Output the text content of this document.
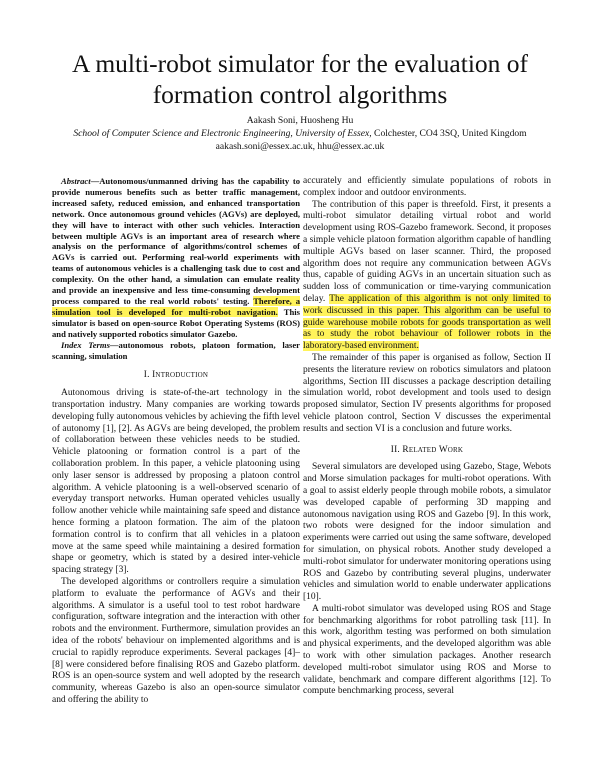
A multi-robot simulator for the evaluation of formation control algorithms
Aakash Soni, Huosheng Hu
School of Computer Science and Electronic Engineering, University of Essex, Colchester, CO4 3SQ, United Kingdom
aakash.soni@essex.ac.uk, hhu@essex.ac.uk

Abstract—Autonomous/unmanned driving has the capability to provide numerous benefits such as better traffic management, increased safety, reduced emission, and enhanced transportation network. Once autonomous ground vehicles (AGVs) are deployed, they will have to interact with other such vehicles. Interaction between multiple AGVs is an important area of research where analysis on the performance of algorithms/control schemes of AGVs is carried out. Performing real-world experiments with teams of autonomous vehicles is a challenging task due to cost and complexity. On the other hand, a simulation can emulate reality and provide an inexpensive and less time-consuming development process compared to the real world robots' testing. Therefore, a simulation tool is developed for multi-robot navigation. This simulator is based on open-source Robot Operating Systems (ROS) and natively supported robotics simulator Gazebo.

Index Terms—autonomous robots, platoon formation, laser scanning, simulation

I. Introduction

Autonomous driving is state-of-the-art technology in the transportation industry. Many companies are working towards developing fully autonomous vehicles by achieving the fifth level of autonomy [1], [2]. As AGVs are being developed, the problem of collaboration between these vehicles needs to be studied. Vehicle platooning or formation control is a part of the collaboration problem. In this paper, a vehicle platooning using only laser sensor is addressed by proposing a platoon control algorithm. A vehicle platooning is a well-observed scenario of everyday transport networks. Human operated vehicles usually follow another vehicle while maintaining safe speed and distance hence forming a platoon formation. The aim of the platoon formation control is to confirm that all vehicles in a platoon move at the same speed while maintaining a desired formation shape or geometry, which is stated by a desired inter-vehicle spacing strategy [3].

The developed algorithms or controllers require a simulation platform to evaluate the performance of AGVs and their algorithms. A simulator is a useful tool to test robot hardware configuration, software integration and the interaction with other robots and the environment. Furthermore, simulation provides an idea of the robots' behaviour on implemented algorithms and is crucial to rapidly reproduce experiments. Several packages [4]–[8] were considered before finalising ROS and Gazebo platform. ROS is an open-source system and well adopted by the research community, whereas Gazebo is also an open-source simulator and offering the ability to

accurately and efficiently simulate populations of robots in complex indoor and outdoor environments.

The contribution of this paper is threefold. First, it presents a multi-robot simulator detailing virtual robot and world development using ROS-Gazebo framework. Second, it proposes a simple vehicle platoon formation algorithm capable of handling multiple AGVs based on laser scanner. Third, the proposed algorithm does not require any communication between AGVs thus, capable of guiding AGVs in an uncertain situation such as sudden loss of communication or time-varying communication delay. The application of this algorithm is not only limited to work discussed in this paper. This algorithm can be useful to guide warehouse mobile robots for goods transportation as well as to study the robot behaviour of follower robots in the laboratory-based environment.

The remainder of this paper is organised as follow, Section II presents the literature review on robotics simulators and platoon algorithms, Section III discusses a package description detailing simulation world, robot development and tools used to design proposed simulator, Section IV presents algorithms for proposed vehicle platoon control, Section V discusses the experimental results and section VI is a conclusion and future works.

II. Related Work

Several simulators are developed using Gazebo, Stage, Webots and Morse simulation packages for multi-robot operations. With a goal to assist elderly people through mobile robots, a simulator was developed capable of performing 3D mapping and autonomous navigation using ROS and Gazebo [9]. In this work, two robots were designed for the indoor simulation and experiments were carried out using the same software, developed for simulation, on physical robots. Another study developed a multi-robot simulator for underwater monitoring operations using ROS and Gazebo by contributing several plugins, underwater vehicles and simulation world to enable underwater applications [10].

A multi-robot simulator was developed using ROS and Stage for benchmarking algorithms for robot patrolling task [11]. In this work, algorithm testing was performed on both simulation and physical experiments, and the developed algorithm was able to work with other simulation packages. Another research developed multi-robot simulator using ROS and Morse to validate, benchmark and compare different algorithms [12]. To compute benchmarking process, several
